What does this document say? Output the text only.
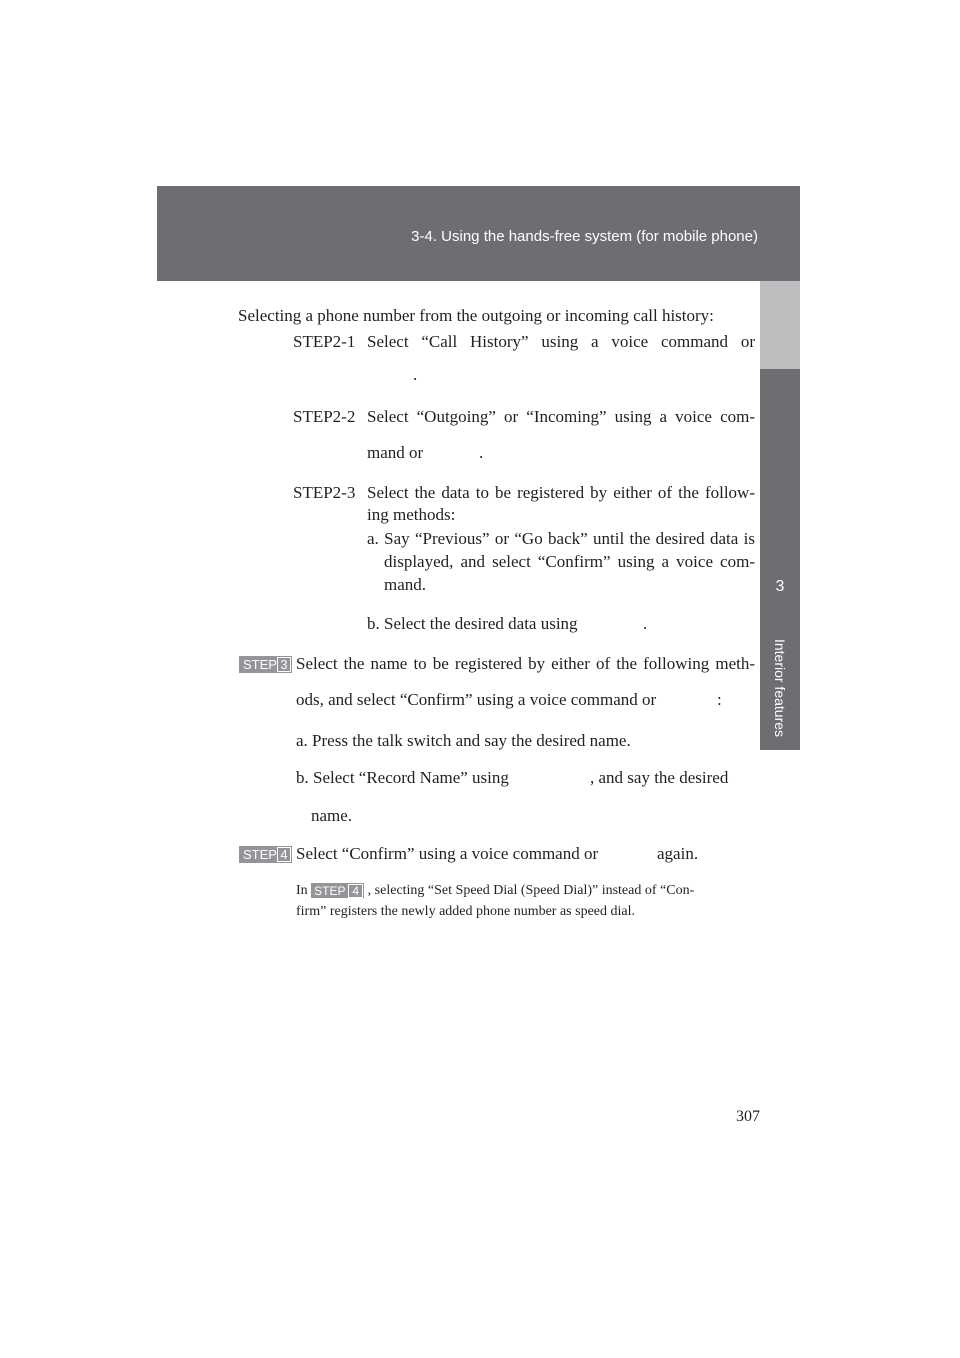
3-4. Using the hands-free system (for mobile phone)
3
Interior features
Selecting a phone number from the outgoing or incoming call history:
STEP2-1 Select “Call History” using a voice command or
.
STEP2-2 Select “Outgoing” or “Incoming” using a voice com-
mand or	.
STEP2-3 Select the data to be registered by either of the follow-
ing methods:
a. Say “Previous” or “Go back” until the desired data is
displayed, and select “Confirm” using a voice com-
mand.
b. Select the desired data using	.
STEP 3 Select the name to be registered by either of the following meth-
ods, and select “Confirm” using a voice command or	:
a. Press the talk switch and say the desired name.
b. Select “Record Name” using	, and say the desired
name.
STEP 4 Select “Confirm” using a voice command or	again.
In STEP 4 , selecting “Set Speed Dial (Speed Dial)” instead of “Con-
firm” registers the newly added phone number as speed dial.
307
